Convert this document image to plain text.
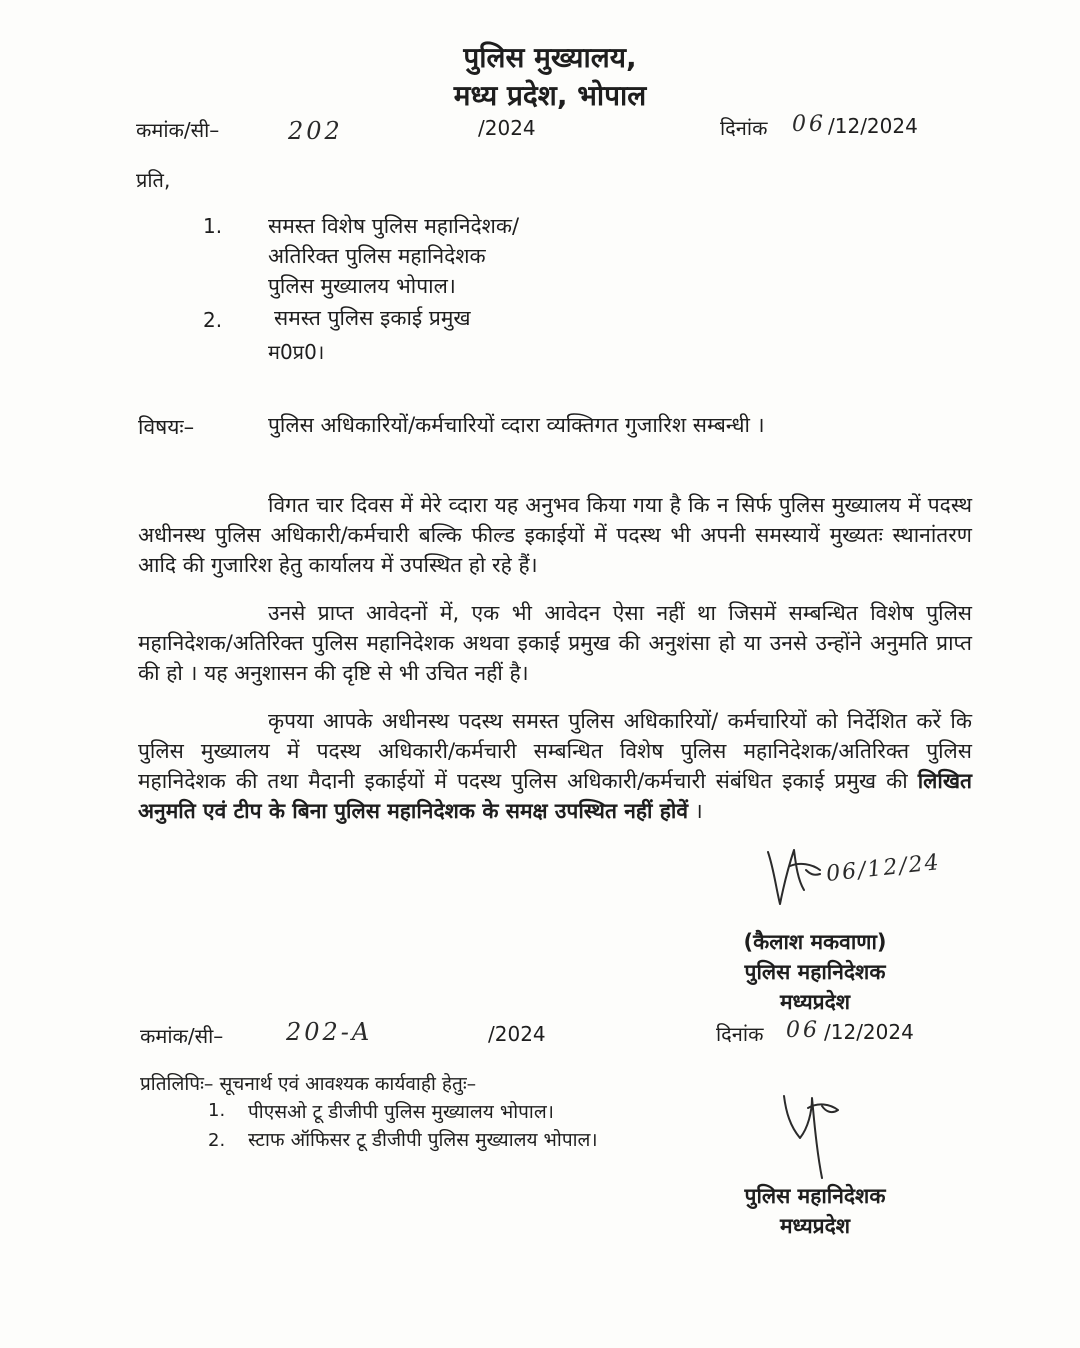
पुलिस मुख्यालय,
मध्य प्रदेश, भोपाल
कमांक/सी–	202	/2024	दिनांक 06 /12/2024
प्रति,
1. समस्त विशेष पुलिस महानिदेशक/
अतिरिक्त पुलिस महानिदेशक
पुलिस मुख्यालय भोपाल।
2. समस्त पुलिस इकाई प्रमुख
म0प्र0।
विषयः–	पुलिस अधिकारियों/कर्मचारियों व्दारा व्यक्तिगत गुजारिश सम्बन्धी ।

विगत चार दिवस में मेरे व्दारा यह अनुभव किया गया है कि न सिर्फ पुलिस मुख्यालय में पदस्थ अधीनस्थ पुलिस अधिकारी/कर्मचारी बल्कि फील्ड इकाईयों में पदस्थ भी अपनी समस्यायें मुख्यतः स्थानांतरण आदि की गुजारिश हेतु कार्यालय में उपस्थित हो रहे हैं।

उनसे प्राप्त आवेदनों में, एक भी आवेदन ऐसा नहीं था जिसमें सम्बन्धित विशेष पुलिस महानिदेशक/अतिरिक्त पुलिस महानिदेशक अथवा इकाई प्रमुख की अनुशंसा हो या उनसे उन्होंने अनुमति प्राप्त की हो । यह अनुशासन की दृष्टि से भी उचित नहीं है।

कृपया आपके अधीनस्थ पदस्थ समस्त पुलिस अधिकारियों/ कर्मचारियों को निर्देशित करें कि पुलिस मुख्यालय में पदस्थ अधिकारी/कर्मचारी सम्बन्धित विशेष पुलिस महानिदेशक/अतिरिक्त पुलिस महानिदेशक की तथा मैदानी इकाईयों में पदस्थ पुलिस अधिकारी/कर्मचारी संबंधित इकाई प्रमुख की लिखित अनुमति एवं टीप के बिना पुलिस महानिदेशक के समक्ष उपस्थित नहीं होवें ।

06/12/24
(कैलाश मकवाणा)
पुलिस महानिदेशक
मध्यप्रदेश
कमांक/सी–	202-A	/2024	दिनांक 06 /12/2024
प्रतिलिपिः– सूचनार्थ एवं आवश्यक कार्यवाही हेतुः–
1. पीएसओ टू डीजीपी पुलिस मुख्यालय भोपाल।
2. स्टाफ ऑफिसर टू डीजीपी पुलिस मुख्यालय भोपाल।
पुलिस महानिदेशक
मध्यप्रदेश
